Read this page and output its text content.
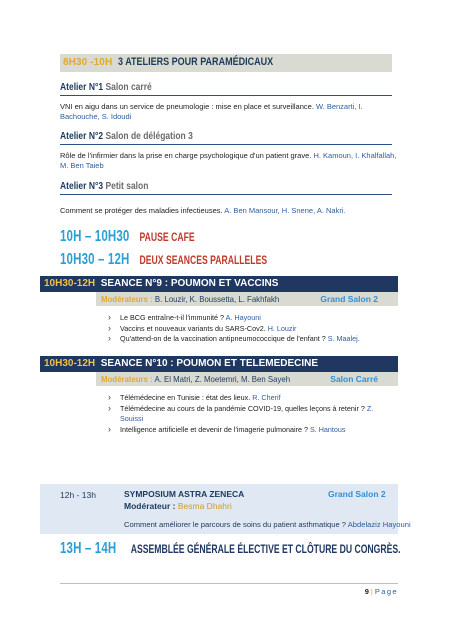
8H30 -10H 3 ATELIERS POUR PARAMÉDICAUX
Atelier N°1 Salon carré
VNI en aigu dans un service de pneumologie : mise en place et surveillance. W. Benzarti, I. Bachouche, S. Idoudi
Atelier N°2 Salon de délégation 3
Rôle de l'infirmier dans la prise en charge psychologique d'un patient grave. H. Kamoun, I. Khalfallah, M. Ben Taieb
Atelier N°3 Petit salon
Comment se protéger des maladies infectieuses. A. Ben Mansour, H. Snene, A. Nakri.
10H – 10H30 PAUSE CAFE
10H30 – 12H DEUX SEANCES PARALLELES
10H30-12H SEANCE N°9 : POUMON ET VACCINS
Modérateurs : B. Louzir, K. Boussetta, L. Fakhfakh	Grand Salon 2
› Le BCG entraîne-t-il l'immunité ? A. Hayouni
› Vaccins et nouveaux variants du SARS-Cov2. H. Louzir
› Qu'attend-on de la vaccination antipneumococcique de l'enfant ? S. Maalej.
10H30-12H SEANCE N°10 : POUMON ET TELEMEDECINE
Modérateurs : A. El Matri, Z. Moetemri, M. Ben Sayeh	Salon Carré
› Télémédecine en Tunisie : état des lieux. R. Cherif
› Télémédecine au cours de la pandémie COVID-19, quelles leçons à retenir ? Z. Souissi
› Intelligence artificielle et devenir de l'imagerie pulmonaire ? S. Hantous
12h - 13h	SYMPOSIUM ASTRA ZENECA	Grand Salon 2
Modérateur : Besma Dhahri
Comment améliorer le parcours de soins du patient asthmatique ? Abdelaziz Hayouni
13H – 14H ASSEMBLÉE GÉNÉRALE ÉLECTIVE ET CLÔTURE DU CONGRÈS.
9 | Page
